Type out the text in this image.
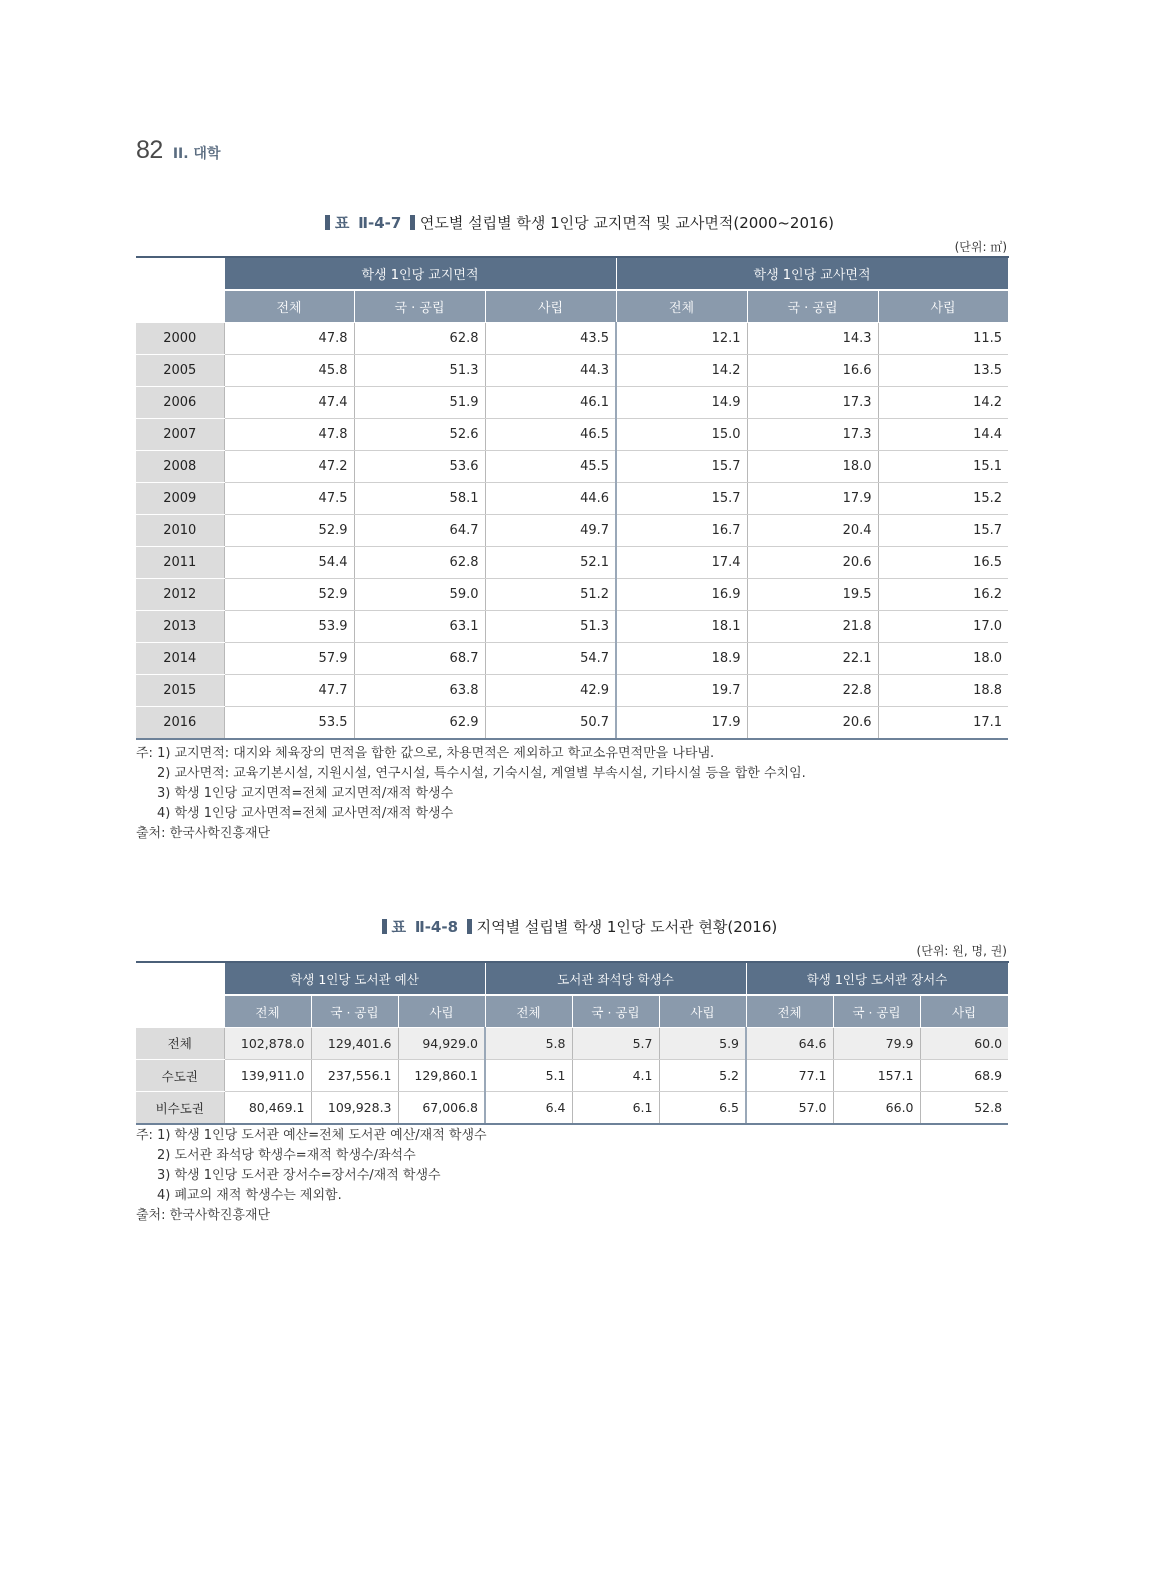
82 II. 대학
표 Ⅱ-4-7 연도별 설립별 학생 1인당 교지면적 및 교사면적(2000~2016)
(단위: ㎡)
	학생 1인당 교지면적			학생 1인당 교사면적		
	전체	국 · 공립	사립	전체	국 · 공립	사립
2000	47.8	62.8	43.5	12.1	14.3	11.5
2005	45.8	51.3	44.3	14.2	16.6	13.5
2006	47.4	51.9	46.1	14.9	17.3	14.2
2007	47.8	52.6	46.5	15.0	17.3	14.4
2008	47.2	53.6	45.5	15.7	18.0	15.1
2009	47.5	58.1	44.6	15.7	17.9	15.2
2010	52.9	64.7	49.7	16.7	20.4	15.7
2011	54.4	62.8	52.1	17.4	20.6	16.5
2012	52.9	59.0	51.2	16.9	19.5	16.2
2013	53.9	63.1	51.3	18.1	21.8	17.0
2014	57.9	68.7	54.7	18.9	22.1	18.0
2015	47.7	63.8	42.9	19.7	22.8	18.8
2016	53.5	62.9	50.7	17.9	20.6	17.1
주: 1) 교지면적: 대지와 체육장의 면적을 합한 값으로, 차용면적은 제외하고 학교소유면적만을 나타냄.
2) 교사면적: 교육기본시설, 지원시설, 연구시설, 특수시설, 기숙시설, 계열별 부속시설, 기타시설 등을 합한 수치임.
3) 학생 1인당 교지면적=전체 교지면적/재적 학생수
4) 학생 1인당 교사면적=전체 교사면적/재적 학생수
출처: 한국사학진흥재단
표 Ⅱ-4-8 지역별 설립별 학생 1인당 도서관 현황(2016)
(단위: 원, 명, 권)
	학생 1인당 도서관 예산			도서관 좌석당 학생수			학생 1인당 도서관 장서수		
	전체	국 · 공립	사립	전체	국 · 공립	사립	전체	국 · 공립	사립
전체	102,878.0	129,401.6	94,929.0	5.8	5.7	5.9	64.6	79.9	60.0
수도권	139,911.0	237,556.1	129,860.1	5.1	4.1	5.2	77.1	157.1	68.9
비수도권	80,469.1	109,928.3	67,006.8	6.4	6.1	6.5	57.0	66.0	52.8
주: 1) 학생 1인당 도서관 예산=전체 도서관 예산/재적 학생수
2) 도서관 좌석당 학생수=재적 학생수/좌석수
3) 학생 1인당 도서관 장서수=장서수/재적 학생수
4) 폐교의 재적 학생수는 제외함.
출처: 한국사학진흥재단
